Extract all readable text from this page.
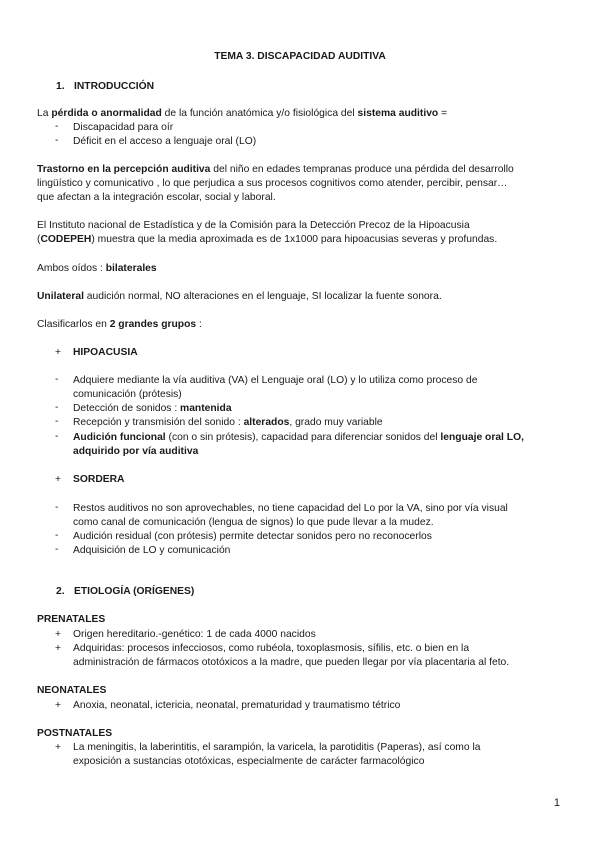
TEMA 3. DISCAPACIDAD AUDITIVA
1. INTRODUCCIÓN
La pérdida o anormalidad de la función anatómica y/o fisiológica del sistema auditivo =
- Discapacidad para oír
- Déficit en el acceso a lenguaje oral (LO)
Trastorno en la percepción auditiva del niño en edades tempranas produce una pérdida del desarrollo
lingüístico y comunicativo , lo que perjudica a sus procesos cognitivos como atender, percibir, pensar…
que afectan a la integración escolar, social y laboral.
El Instituto nacional de Estadística y de la Comisión para la Detección Precoz de la Hipoacusia
(CODEPEH) muestra que la media aproximada es de 1x1000 para hipoacusias severas y profundas.
Ambos oídos : bilaterales
Unilateral audición normal, NO alteraciones en el lenguaje, SI localizar la fuente sonora.
Clasificarlos en 2 grandes grupos :
+ HIPOACUSIA
- Adquiere mediante la vía auditiva (VA) el Lenguaje oral (LO) y lo utiliza como proceso de
comunicación (prótesis)
- Detección de sonidos : mantenida
- Recepción y transmisión del sonido : alterados, grado muy variable
- Audición funcional (con o sin prótesis), capacidad para diferenciar sonidos del lenguaje oral LO,
adquirido por vía auditiva
+ SORDERA
- Restos auditivos no son aprovechables, no tiene capacidad del Lo por la VA, sino por vía visual
como canal de comunicación (lengua de signos) lo que pude llevar a la mudez.
- Audición residual (con prótesis) permite detectar sonidos pero no reconocerlos
- Adquisición de LO y comunicación
2. ETIOLOGÍA (ORÍGENES)
PRENATALES
+ Origen hereditario.-genético: 1 de cada 4000 nacidos
+ Adquiridas: procesos infecciosos, como rubéola, toxoplasmosis, sífilis, etc. o bien en la
administración de fármacos ototóxicos a la madre, que pueden llegar por vía placentaria al feto.
NEONATALES
+ Anoxia, neonatal, ictericia, neonatal, prematuridad y traumatismo tétrico
POSTNATALES
+ La meningitis, la laberintitis, el sarampión, la varicela, la parotiditis (Paperas), así como la
exposición a sustancias ototóxicas, especialmente de carácter farmacológico
1
